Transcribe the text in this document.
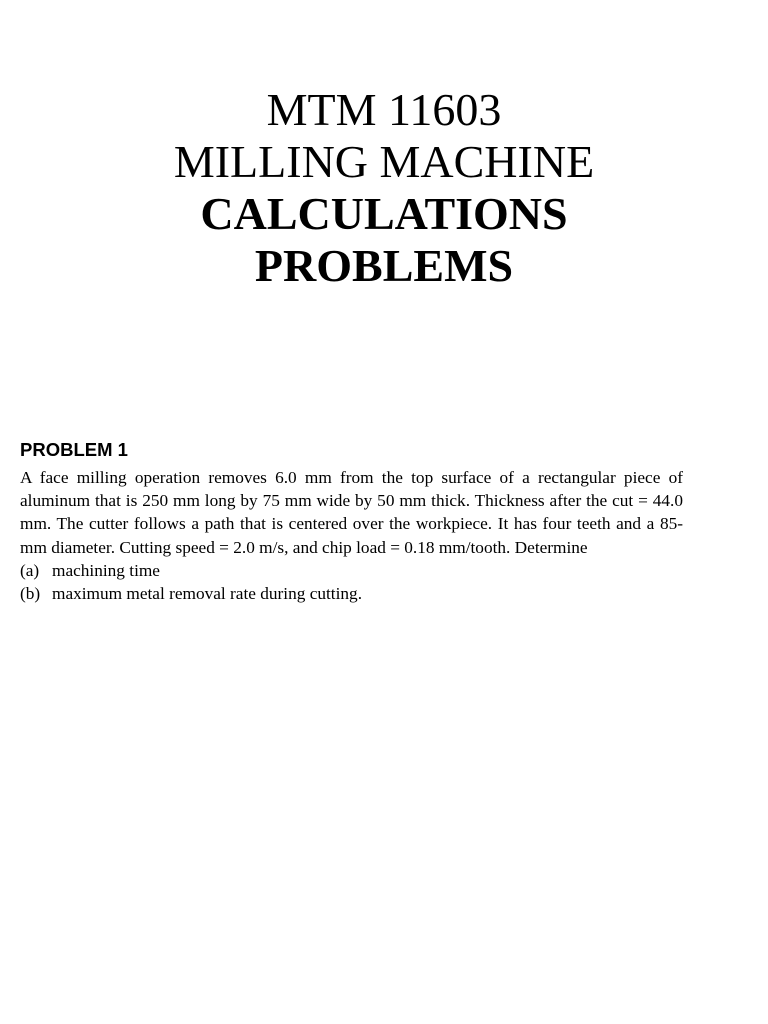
MTM 11603
MILLING MACHINE
CALCULATIONS
PROBLEMS
PROBLEM 1

A face milling operation removes 6.0 mm from the top surface of a rectangular piece of aluminum that is 250 mm long by 75 mm wide by 50 mm thick. Thickness after the cut = 44.0 mm. The cutter follows a path that is centered over the workpiece. It has four teeth and a 85-mm diameter. Cutting speed = 2.0 m/s, and chip load = 0.18 mm/tooth. Determine

(a) machining time
(b) maximum metal removal rate during cutting.
